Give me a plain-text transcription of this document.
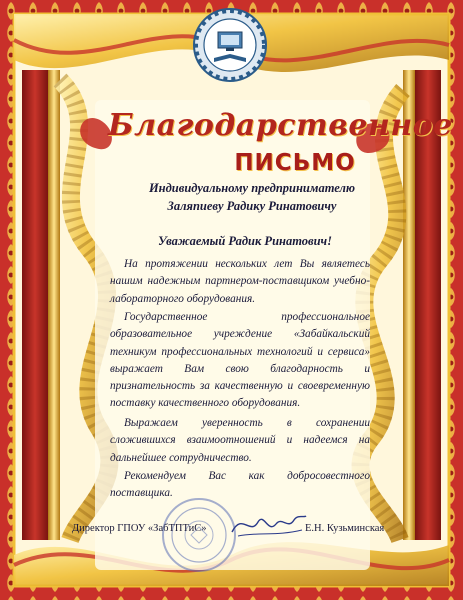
Благодарственное
ПИСЬМО
Индивидуальному предпринимателю
Заляпиеву Радику Ринатовичу
Уважаемый Радик Ринатович!
На протяжении нескольких лет Вы являетесь
нашим надежным партнером-поставщиком учебно-
лабораторного оборудования.
Государственное профессиональное
образовательное учреждение «Забайкальский
техникум профессиональных технологий и сервиса»
выражает Вам свою благодарность и
признательность за качественную и своевременную
поставку качественного оборудования.
Выражаем уверенность в сохранении
сложившихся взаимоотношений и надеемся на
дальнейшее сотрудничество.
Рекомендуем Вас как добросовестного
поставщика.
Директор ГПОУ «ЗабТПТиС»	Е.Н. Кузьминская
